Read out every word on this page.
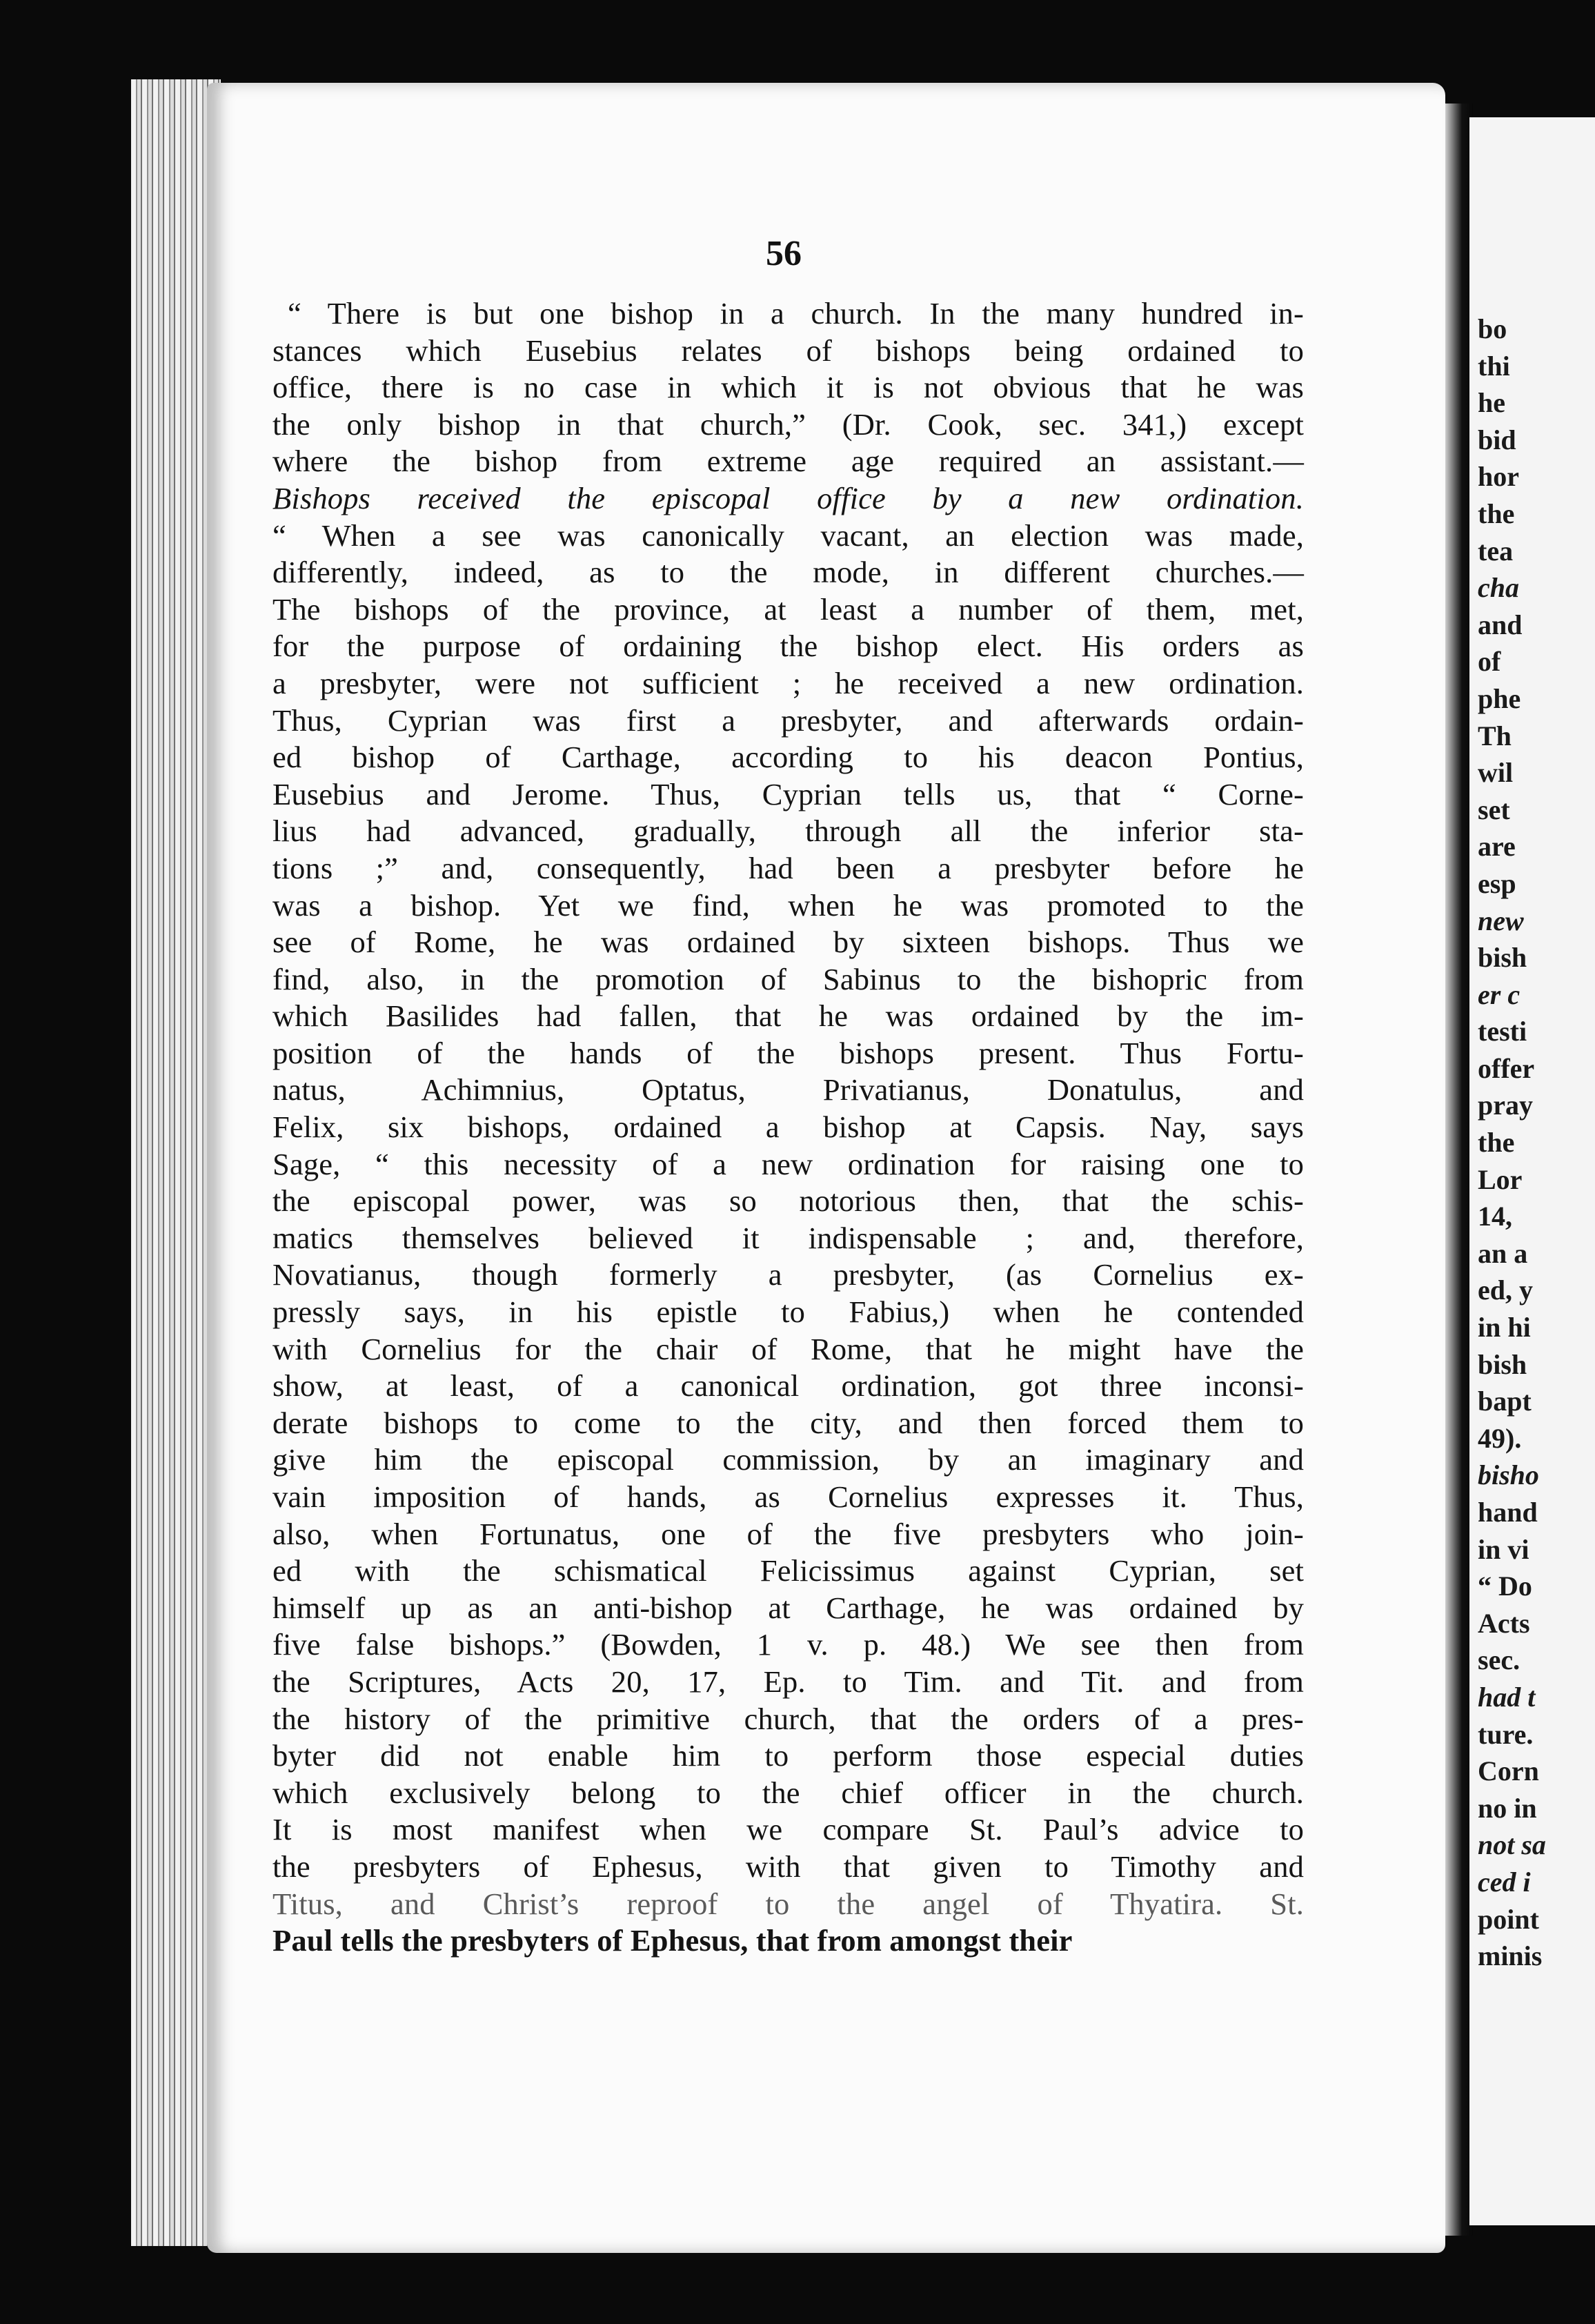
bo
thi
he
bid
hor
the
tea
cha
and
of
phe
Th
wil
set
are
esp
new
bish
er c
testi
offer
pray
the
Lor
14,
an a
ed, y
in hi
bish
bapt
49).
bisho
hand
in vi
“ Do
Acts
sec.
had t
ture.
Corn
no in
not sa
ced i
point
minis
56
“ There is but one bishop in a church. In the many hundred in-
stances which Eusebius relates of bishops being ordained to
office, there is no case in which it is not obvious that he was
the only bishop in that church,” (Dr. Cook, sec. 341,) except
where the bishop from extreme age required an assistant.—
Bishops received the episcopal office by a new ordination.
“ When a see was canonically vacant, an election was made,
differently, indeed, as to the mode, in different churches.—
The bishops of the province, at least a number of them, met,
for the purpose of ordaining the bishop elect. His orders as
a presbyter, were not sufficient ; he received a new ordination.
Thus, Cyprian was first a presbyter, and afterwards ordain-
ed bishop of Carthage, according to his deacon Pontius,
Eusebius and Jerome. Thus, Cyprian tells us, that “ Corne-
lius had advanced, gradually, through all the inferior sta-
tions ;” and, consequently, had been a presbyter before he
was a bishop. Yet we find, when he was promoted to the
see of Rome, he was ordained by sixteen bishops. Thus we
find, also, in the promotion of Sabinus to the bishopric from
which Basilides had fallen, that he was ordained by the im-
position of the hands of the bishops present. Thus Fortu-
natus, Achimnius, Optatus, Privatianus, Donatulus, and
Felix, six bishops, ordained a bishop at Capsis. Nay, says
Sage, “ this necessity of a new ordination for raising one to
the episcopal power, was so notorious then, that the schis-
matics themselves believed it indispensable ; and, therefore,
Novatianus, though formerly a presbyter, (as Cornelius ex-
pressly says, in his epistle to Fabius,) when he contended
with Cornelius for the chair of Rome, that he might have the
show, at least, of a canonical ordination, got three inconsi-
derate bishops to come to the city, and then forced them to
give him the episcopal commission, by an imaginary and
vain imposition of hands, as Cornelius expresses it. Thus,
also, when Fortunatus, one of the five presbyters who join-
ed with the schismatical Felicissimus against Cyprian, set
himself up as an anti-bishop at Carthage, he was ordained by
five false bishops.” (Bowden, 1 v. p. 48.) We see then from
the Scriptures, Acts 20, 17, Ep. to Tim. and Tit. and from
the history of the primitive church, that the orders of a pres-
byter did not enable him to perform those especial duties
which exclusively belong to the chief officer in the church.
It is most manifest when we compare St. Paul’s advice to
the presbyters of Ephesus, with that given to Timothy and
Titus, and Christ’s reproof to the angel of Thyatira. St.
Paul tells the presbyters of Ephesus, that from amongst their
